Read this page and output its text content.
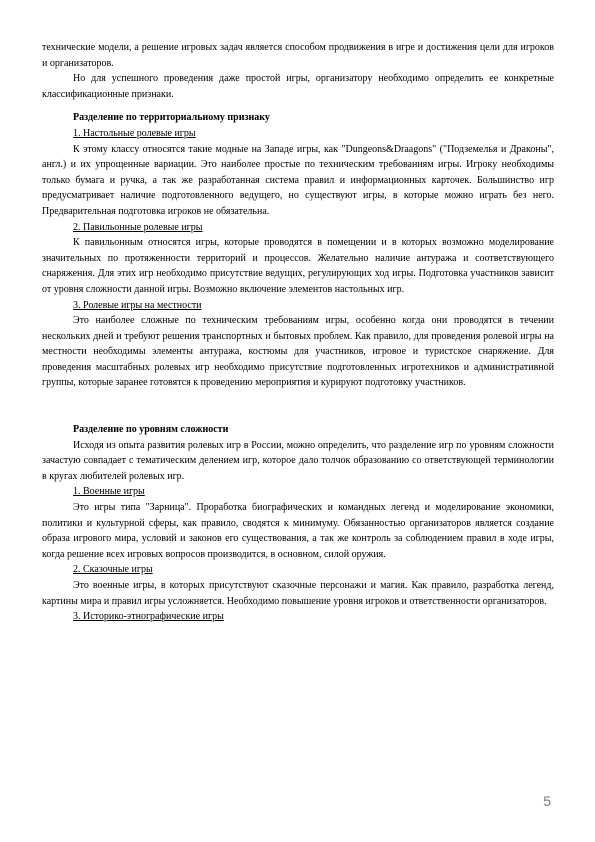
технические модели, а решение игровых задач является способом продвижения в игре и достижения цели для игроков и организаторов.

Но для успешного проведения даже простой игры, организатору необходимо определить ее конкретные классификационные признаки.

Разделение по территориальному признаку

1. Настольные ролевые игры

К этому классу относятся такие модные на Западе игры, как "Dungeons&Draagons" ("Подземелья и Драконы", англ.) и их упрощенные вариации. Это наиболее простые по техническим требованиям игры. Игроку необходимы только бумага и ручка, а так же разработанная система правил и информационных карточек. Большинство игр предусматривает наличие подготовленного ведущего, но существуют игры, в которые можно играть без него. Предварительная подготовка игроков не обязательна.

2. Павильонные ролевые игры

К павильонным относятся игры, которые проводятся в помещении и в которых возможно моделирование значительных по протяженности территорий и процессов. Желательно наличие антуража и соответствующего снаряжения. Для этих игр необходимо присутствие ведущих, регулирующих ход игры. Подготовка участников зависит от уровня сложности данной игры. Возможно включение элементов настольных игр.

3. Ролевые игры на местности

Это наиболее сложные по техническим требованиям игры, особенно когда они проводятся в течении нескольких дней и требуют решения транспортных и бытовых проблем. Как правило, для проведения ролевой игры на местности необходимы элементы антуража, костюмы для участников, игровое и туристское снаряжение. Для проведения масштабных ролевых игр необходимо присутствие подготовленных игротехников и административной группы, которые заранее готовятся к проведению мероприятия и курируют подготовку участников.

Разделение по уровням сложности

Исходя из опыта развития ролевых игр в России, можно определить, что разделение игр по уровням сложности зачастую совпадает с тематическим делением игр, которое дало толчок образованию со ответствующей терминологии в кругах любителей ролевых игр.

1. Военные игры

Это игры типа "Зарница". Проработка биографических и командных легенд и моделирование экономики, политики и культурной сферы, как правило, сводятся к минимуму. Обязанностью организаторов является создание образа игрового мира, условий и законов его существования, а так же контроль за соблюдением правил в ходе игры, когда решение всех игровых вопросов производится, в основном, силой оружия.

2. Сказочные игры

Это военные игры, в которых присутствуют сказочные персонажи и магия. Как правило, разработка легенд, картины мира и правил игры усложняется. Необходимо повышение уровня игроков и ответственности организаторов.

3. Историко-этнографические игры

5
